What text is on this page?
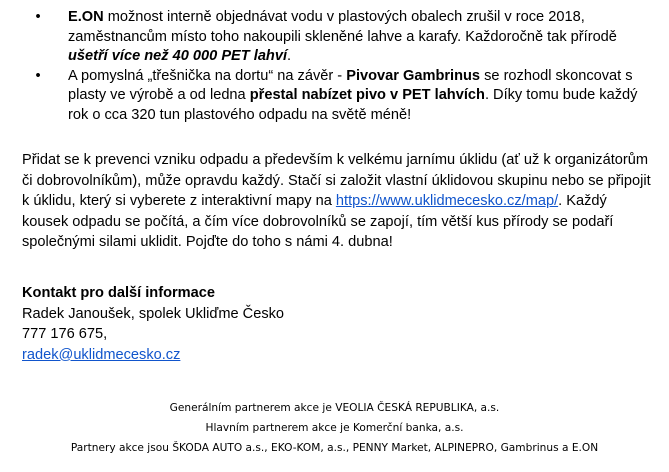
• E.ON možnost interně objednávat vodu v plastových obalech zrušil v roce 2018, zaměstnancům místo toho nakoupili skleněné lahve a karafy. Každoročně tak přírodě ušetří více než 40 000 PET lahví.
• A pomyslná „třešnička na dortu“ na závěr - Pivovar Gambrinus se rozhodl skoncovat s plasty ve výrobě a od ledna přestal nabízet pivo v PET lahvích. Díky tomu bude každý rok o cca 320 tun plastového odpadu na světě méně!

Přidat se k prevenci vzniku odpadu a především k velkému jarnímu úklidu (ať už k organizátorům či dobrovolníkům), může opravdu každý. Stačí si založit vlastní úklidovou skupinu nebo se připojit k úklidu, který si vyberete z interaktivní mapy na https://www.uklidmecesko.cz/map/. Každý kousek odpadu se počítá, a čím více dobrovolníků se zapojí, tím větší kus přírody se podaří společnými silami uklidit. Pojďte do toho s námi 4. dubna!

Kontakt pro další informace
Radek Janoušek, spolek Ukliďme Česko
777 176 675,
radek@uklidmecesko.cz
Generálním partnerem akce je VEOLIA ČESKÁ REPUBLIKA, a.s.
Hlavním partnerem akce je Komerční banka, a.s.
Partnery akce jsou ŠKODA AUTO a.s., EKO-KOM, a.s., PENNY Market, ALPINEPRO, Gambrinus a E.ON
